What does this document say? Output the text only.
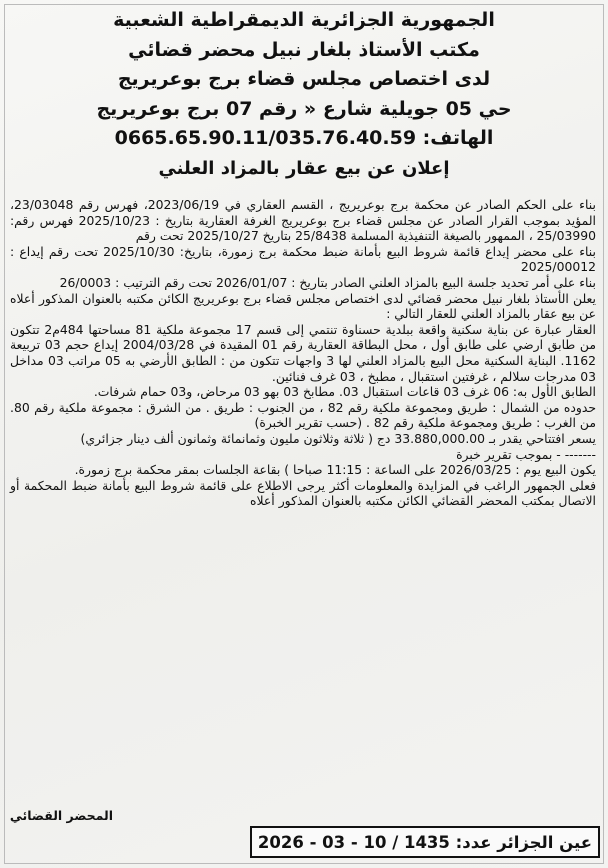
الجمهورية الجزائرية الديمقراطية الشعبية
مكتب الأستاذ بلغار نبيل محضر قضائي
لدى اختصاص مجلس قضاء برج بوعريريج
حي 05 جويلية شارع « رقم 07 برج بوعريريج
الهاتف: 0665.65.90.11/035.76.40.59
إعلان عن بيع عقار بالمزاد العلني

بناء على الحكم الصادر عن محكمة برج بوعريريج ، القسم العقاري في 2023/06/19، فهرس رقم 23/03048، المؤيد بموجب القرار الصادر عن مجلس قضاء برج بوعريريج الغرفة العقارية بتاريخ : 2025/10/23 فهرس رقم: 25/03990 ، الممهور بالصيغة التنفيذية المسلمة 25/8438 بتاريخ 2025/10/27 تحت رقم

بناء على محضر إيداع قائمة شروط البيع بأمانة ضبط محكمة برج زمورة، بتاريخ: 2025/10/30 تحت رقم إيداع : 2025/00012

بناء على أمر تحديد جلسة البيع بالمزاد العلني الصادر بتاريخ : 2026/01/07 تحت رقم الترتيب : 26/0003

يعلن الأستاذ بلغار نبيل محضر قضائي لدى اختصاص مجلس قضاء برج بوعريريج الكائن مكتبه بالعنوان المذكور أعلاه عن بيع عقار بالمزاد العلني للعقار التالي :

العقار عبارة عن بناية سكنية واقعة ببلدية حسناوة تنتمي إلى قسم 17 مجموعة ملكية 81 مساحتها 484م2 تتكون من طابق ارضي على طابق أول ، محل البطاقة العقارية رقم 01 المقيدة في 2004/03/28 إيداع حجم 03 تربيعة 1162. البناية السكنية محل البيع بالمزاد العلني لها 3 واجهات تتكون من : الطابق الأرضي به 05 مراتب 03 مداخل 03 مدرجات سلالم ، غرفتين استقبال ، مطبخ ، 03 غرف فنائين.

الطابق الأول به: 06 غرف 03 قاعات استقبال 03. مطابخ 03 بهو 03 مرحاض، و03 حمام شرفات.

حدوده من الشمال : طريق ومجموعة ملكية رقم 82 ، من الجنوب : طريق . من الشرق : مجموعة ملكية رقم 80. من الغرب : طريق ومجموعة ملكية رقم 82 . (حسب تقرير الخبرة)

يسعر افتتاحي يقدر بـ 33.880,000.00 دج ( ثلاثة وثلاثون مليون وثمانمائة وثمانون ألف دينار جزائري)

------- - بموجب تقرير خبرة

يكون البيع يوم : 2026/03/25 على الساعة : 11:15 صباحا ) بقاعة الجلسات بمقر محكمة برج زمورة.

فعلى الجمهور الراغب في المزايدة والمعلومات أكثر يرجى الاطلاع على قائمة شروط البيع بأمانة ضبط المحكمة أو الاتصال بمكتب المحضر القضائي الكائن مكتبه بالعنوان المذكور أعلاه

المحضر القضائي
عين الجزائر عدد: 1435 / 10 - 03 - 2026
